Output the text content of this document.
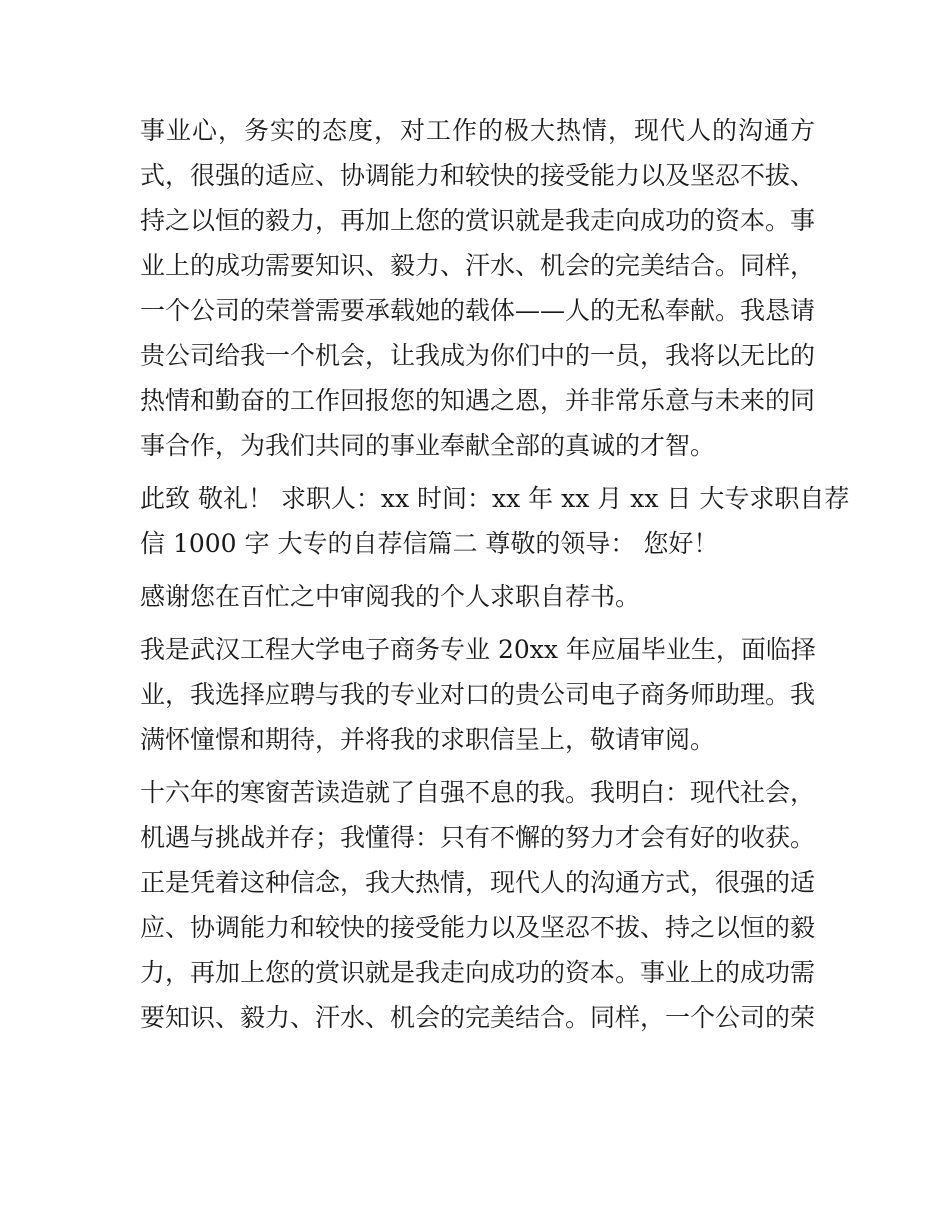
事业心，务实的态度，对工作的极大热情，现代人的沟通方
式，很强的适应、协调能力和较快的接受能力以及坚忍不拔、
持之以恒的毅力，再加上您的赏识就是我走向成功的资本。事
业上的成功需要知识、毅力、汗水、机会的完美结合。同样，
一个公司的荣誉需要承载她的载体——人的无私奉献。我恳请
贵公司给我一个机会，让我成为你们中的一员，我将以无比的
热情和勤奋的工作回报您的知遇之恩，并非常乐意与未来的同
事合作，为我们共同的事业奉献全部的真诚的才智。
此致 敬礼！ 求职人：xx 时间：xx 年 xx 月 xx 日 大专求职自荐
信 1000 字 大专的自荐信篇二 尊敬的领导： 您好！
感谢您在百忙之中审阅我的个人求职自荐书。
我是武汉工程大学电子商务专业 20xx 年应届毕业生，面临择
业，我选择应聘与我的专业对口的贵公司电子商务师助理。我
满怀憧憬和期待，并将我的求职信呈上，敬请审阅。
十六年的寒窗苦读造就了自强不息的我。我明白：现代社会，
机遇与挑战并存；我懂得：只有不懈的努力才会有好的收获。
正是凭着这种信念，我大热情，现代人的沟通方式，很强的适
应、协调能力和较快的接受能力以及坚忍不拔、持之以恒的毅
力，再加上您的赏识就是我走向成功的资本。事业上的成功需
要知识、毅力、汗水、机会的完美结合。同样，一个公司的荣
